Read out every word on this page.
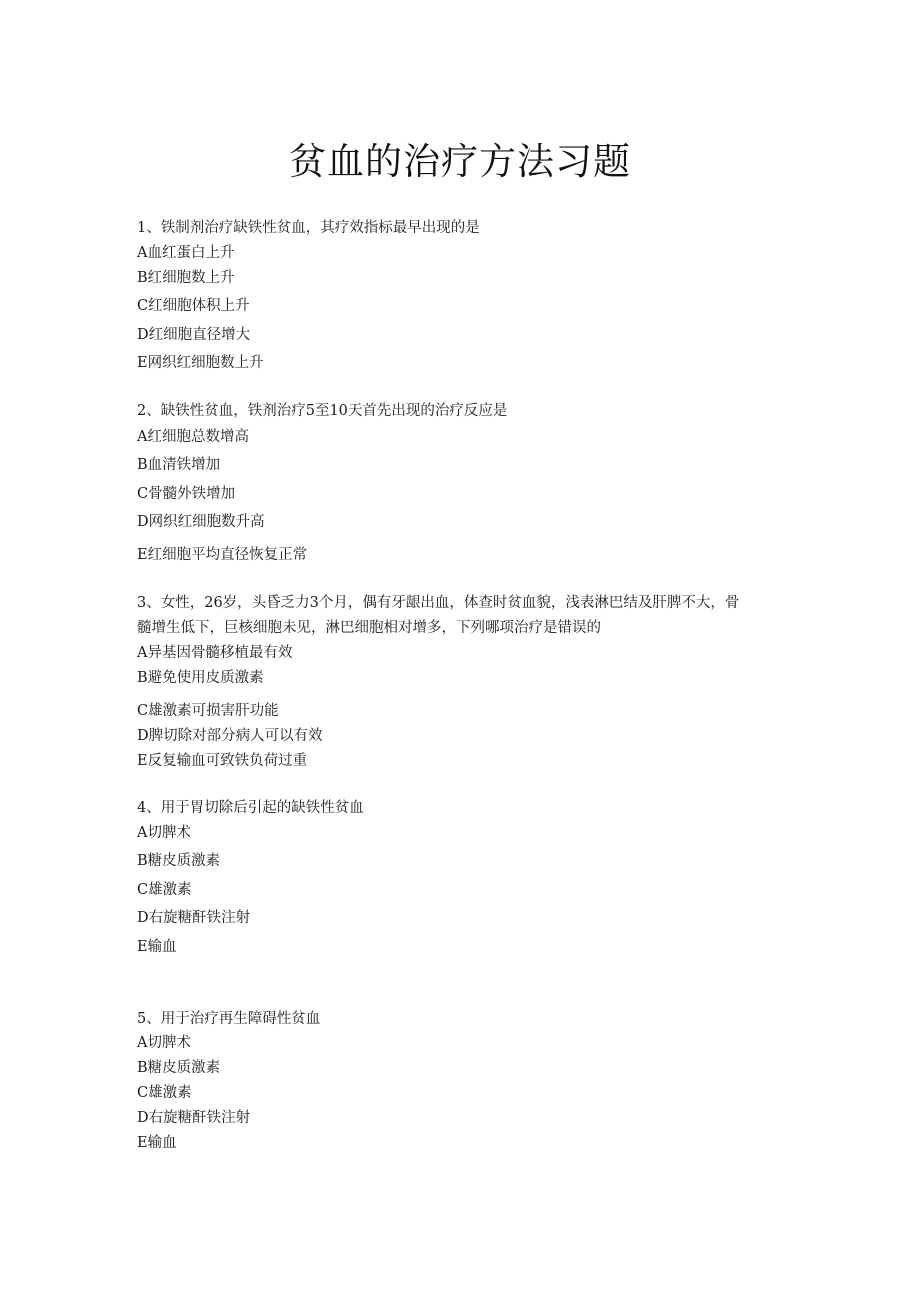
贫血的治疗方法习题
1、铁制剂治疗缺铁性贫血，其疗效指标最早出现的是
A血红蛋白上升
B红细胞数上升
C红细胞体积上升
D红细胞直径增大
E网织红细胞数上升
2、缺铁性贫血，铁剂治疗5至10天首先出现的治疗反应是
A红细胞总数增高
B血清铁增加
C骨髓外铁增加
D网织红细胞数升高
E红细胞平均直径恢复正常
3、女性，26岁，头昏乏力3个月，偶有牙龈出血，体查时贫血貌，浅表淋巴结及肝脾不大，骨
髓增生低下，巨核细胞未见，淋巴细胞相对增多，下列哪项治疗是错误的
A异基因骨髓移植最有效
B避免使用皮质激素
C雄激素可损害肝功能
D脾切除对部分病人可以有效
E反复输血可致铁负荷过重
4、用于胃切除后引起的缺铁性贫血
A切脾术
B糖皮质激素
C雄激素
D右旋糖酐铁注射
E输血
5、用于治疗再生障碍性贫血
A切脾术
B糖皮质激素
C雄激素
D右旋糖酐铁注射
E输血
